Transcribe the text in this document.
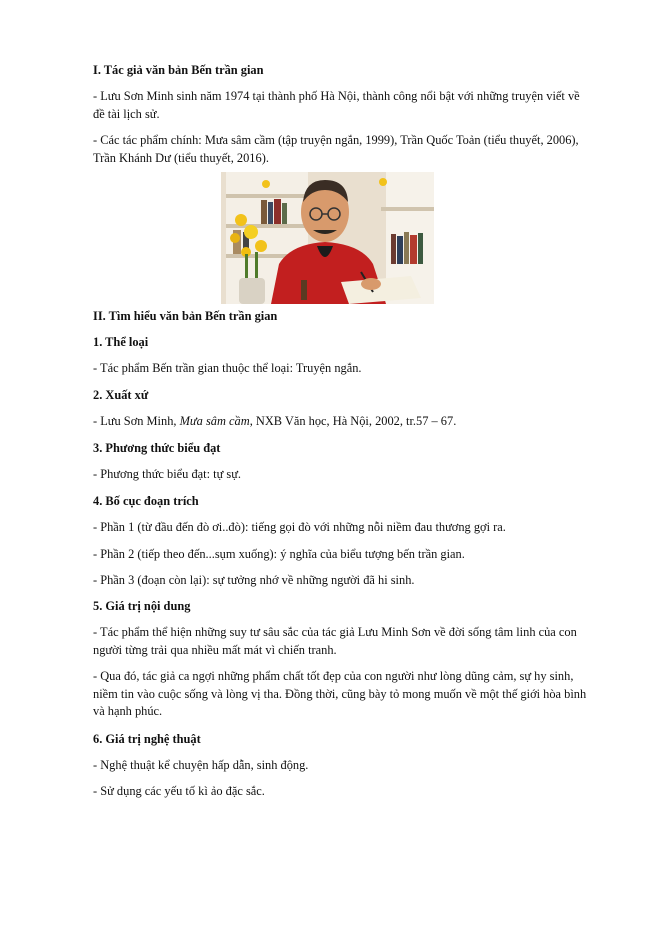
I. Tác giả văn bản Bến trần gian

- Lưu Sơn Minh sinh năm 1974 tại thành phố Hà Nội, thành công nổi bật với những truyện viết về đề tài lịch sử.

- Các tác phẩm chính: Mưa sâm cầm (tập truyện ngắn, 1999), Trần Quốc Toản (tiểu thuyết, 2006), Trần Khánh Dư (tiểu thuyết, 2016).

II. Tìm hiểu văn bản Bến trần gian

1. Thể loại

- Tác phẩm Bến trần gian thuộc thể loại: Truyện ngắn.

2. Xuất xứ

- Lưu Sơn Minh, Mưa sâm cầm, NXB Văn học, Hà Nội, 2002, tr.57 – 67.

3. Phương thức biểu đạt

- Phương thức biểu đạt: tự sự.

4. Bố cục đoạn trích

- Phần 1 (từ đầu đến đò ơi..đò): tiếng gọi đò với những nỗi niềm đau thương gợi ra.

- Phần 2 (tiếp theo đến...sụm xuống): ý nghĩa của biểu tượng bến trần gian.

- Phần 3 (đoạn còn lại): sự tưởng nhớ về những người đã hi sinh.

5. Giá trị nội dung

- Tác phẩm thể hiện những suy tư sâu sắc của tác giả Lưu Minh Sơn về đời sống tâm linh của con người từng trải qua nhiều mất mát vì chiến tranh.

- Qua đó, tác giả ca ngợi những phẩm chất tốt đẹp của con người như lòng dũng cảm, sự hy sinh, niềm tin vào cuộc sống và lòng vị tha. Đồng thời, cũng bày tỏ mong muốn về một thế giới hòa bình và hạnh phúc.

6. Giá trị nghệ thuật

- Nghệ thuật kể chuyện hấp dẫn, sinh động.

- Sử dụng các yếu tố kì ảo đặc sắc.
